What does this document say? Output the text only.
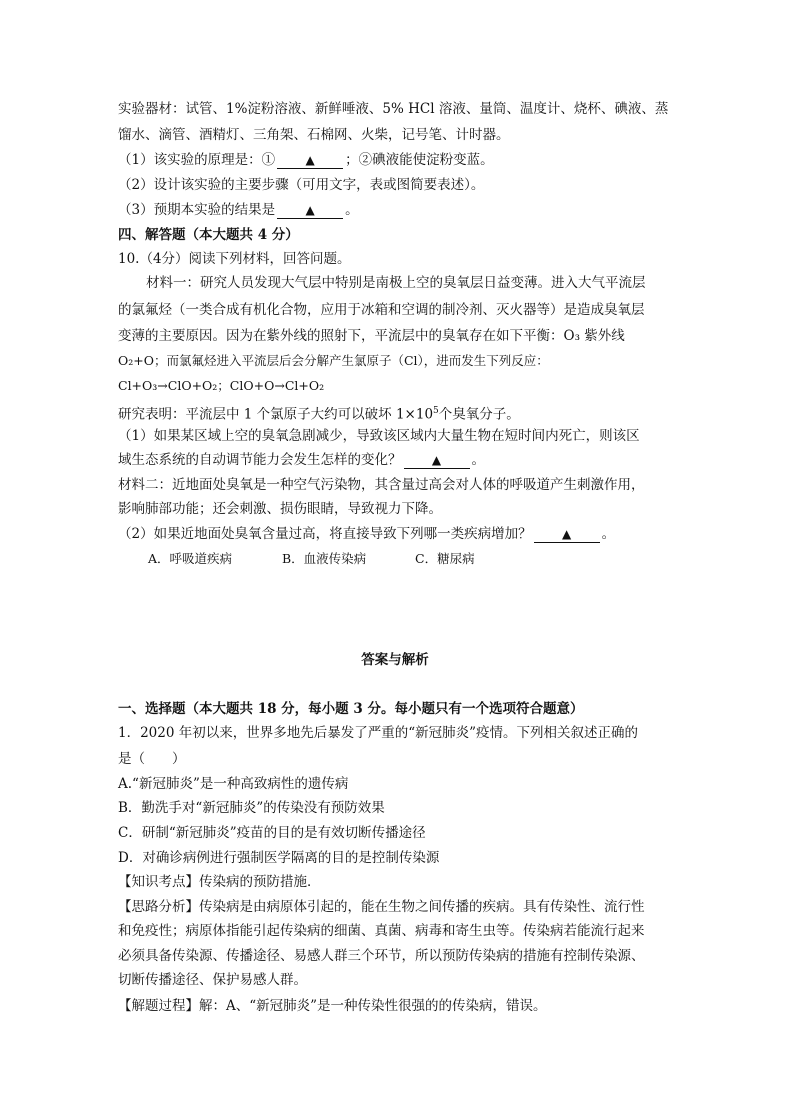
实验器材：试管、1%淀粉溶液、新鲜唾液、5% HCl 溶液、量筒、温度计、烧杯、碘液、蒸
馏水、滴管、酒精灯、三角架、石棉网、火柴，记号笔、计时器。
（1）该实验的原理是：①	▲ ；②碘液能使淀粉变蓝。
（2）设计该实验的主要步骤（可用文字，表或图简要表述）。
（3）预期本实验的结果是	▲ 。
四、解答题（本大题共 4 分）
10.（4分）阅读下列材料，回答问题。
材料一：研究人员发现大气层中特别是南极上空的臭氧层日益变薄。进入大气平流层
的氯氟烃（一类合成有机化合物，应用于冰箱和空调的制冷剂、灭火器等）是造成臭氧层
变薄的主要原因。因为在紫外线的照射下，平流层中的臭氧存在如下平衡：O₃ 紫外线
O₂+O；而氯氟烃进入平流层后会分解产生氯原子（Cl），进而发生下列反应：
Cl+O₃→ClO+O₂；ClO+O→Cl+O₂
研究表明：平流层中 1 个氯原子大约可以破坏 $1\times 10^5$个臭氧分子。
（1）如果某区域上空的臭氧急剧减少，导致该区域内大量生物在短时间内死亡，则该区
域生态系统的自动调节能力会发生怎样的变化？	▲ 。
材料二：近地面处臭氧是一种空气污染物，其含量过高会对人体的呼吸道产生刺激作用，
影响肺部功能；还会刺激、损伤眼睛，导致视力下降。
（2）如果近地面处臭氧含量过高，将直接导致下列哪一类疾病增加？	▲ 。
A．呼吸道疾病	B．血液传染病	C．糖尿病
答案与解析
一、选择题（本大题共 18 分，每小题 3 分。每小题只有一个选项符合题意）
1．2020 年初以来，世界多地先后暴发了严重的“新冠肺炎”疫情。下列相关叙述正确的
是（　　）
A.“新冠肺炎”是一种高致病性的遗传病
B．勤洗手对“新冠肺炎”的传染没有预防效果
C．研制“新冠肺炎”疫苗的目的是有效切断传播途径
D．对确诊病例进行强制医学隔离的目的是控制传染源
【知识考点】传染病的预防措施．
【思路分析】传染病是由病原体引起的，能在生物之间传播的疾病。具有传染性、流行性
和免疫性；病原体指能引起传染病的细菌、真菌、病毒和寄生虫等。传染病若能流行起来
必须具备传染源、传播途径、易感人群三个环节，所以预防传染病的措施有控制传染源、
切断传播途径、保护易感人群。
【解题过程】解：A、“新冠肺炎”是一种传染性很强的的传染病，错误。
